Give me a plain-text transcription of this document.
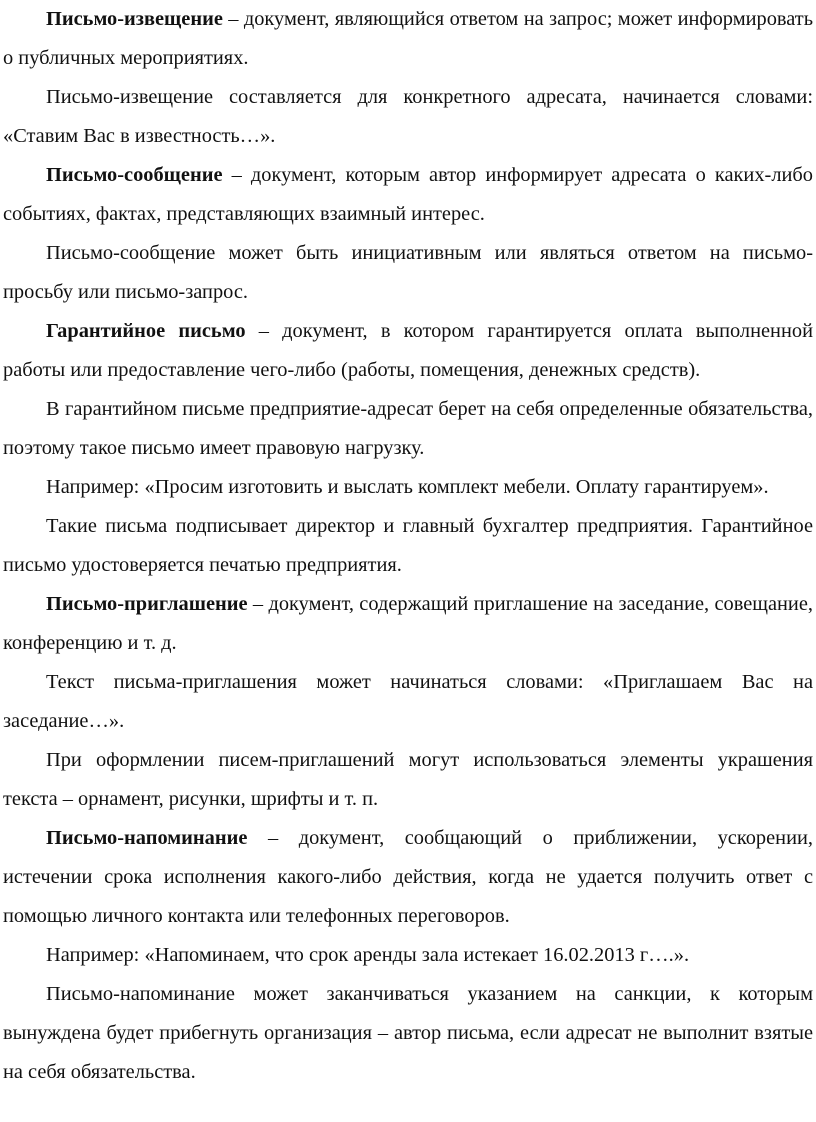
Письмо-извещение – документ, являющийся ответом на запрос; может информировать о публичных мероприятиях.

Письмо-извещение составляется для конкретного адресата, начинается словами: «Ставим Вас в известность…».

Письмо-сообщение – документ, которым автор информирует адресата о каких-либо событиях, фактах, представляющих взаимный интерес.

Письмо-сообщение может быть инициативным или являться ответом на письмо-просьбу или письмо-запрос.

Гарантийное письмо – документ, в котором гарантируется оплата выполненной работы или предоставление чего-либо (работы, помещения, денежных средств).

В гарантийном письме предприятие-адресат берет на себя определенные обязательства, поэтому такое письмо имеет правовую нагрузку.

Например: «Просим изготовить и выслать комплект мебели. Оплату гарантируем».

Такие письма подписывает директор и главный бухгалтер предприятия. Гарантийное письмо удостоверяется печатью предприятия.

Письмо-приглашение – документ, содержащий приглашение на заседание, совещание, конференцию и т. д.

Текст письма-приглашения может начинаться словами: «Приглашаем Вас на заседание…».

При оформлении писем-приглашений могут использоваться элементы украшения текста – орнамент, рисунки, шрифты и т. п.

Письмо-напоминание – документ, сообщающий о приближении, ускорении, истечении срока исполнения какого-либо действия, когда не удается получить ответ с помощью личного контакта или телефонных переговоров.

Например: «Напоминаем, что срок аренды зала истекает 16.02.2013 г….».

Письмо-напоминание может заканчиваться указанием на санкции, к которым вынуждена будет прибегнуть организация – автор письма, если адресат не выполнит взятые на себя обязательства.
